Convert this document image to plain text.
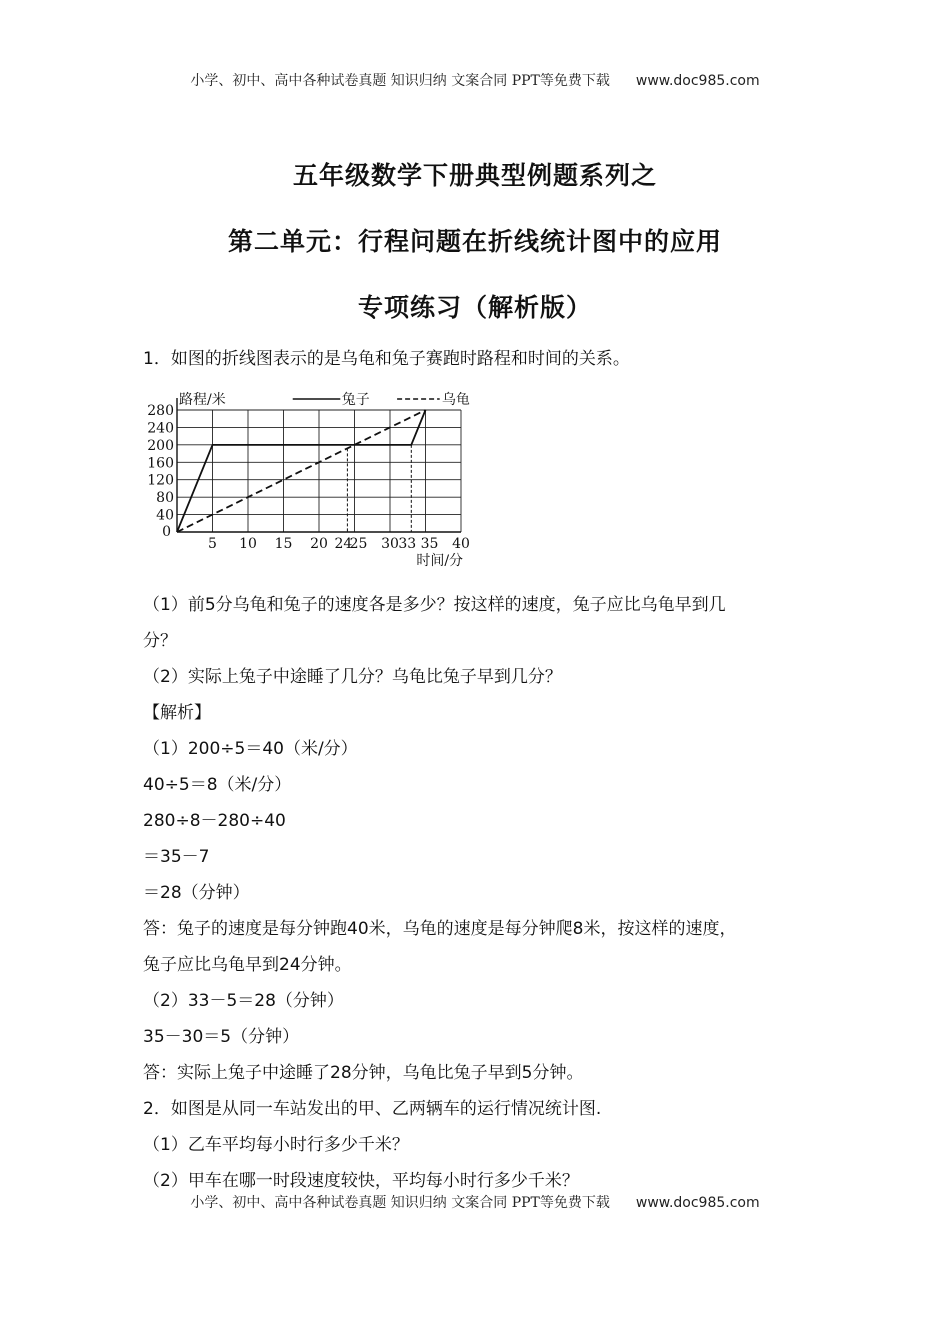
小学、初中、高中各种试卷真题 知识归纳 文案合同 PPT等免费下载 www.doc985.com
五年级数学下册典型例题系列之
第二单元：行程问题在折线统计图中的应用
专项练习（解析版）
1．如图的折线图表示的是乌龟和兔子赛跑时路程和时间的关系。
40
80
120
160
200
240
280
0
5 10 15 20 24
25 30 33 35 40
路程/米
时间/分
兔子	乌龟
（1）前5分乌龟和兔子的速度各是多少？按这样的速度，兔子应比乌龟早到几
分？
（2）实际上兔子中途睡了几分？乌龟比兔子早到几分？
【解析】
（1）200÷5＝40（米/分）
40÷5＝8（米/分）
280÷8－280÷40
＝35－7
＝28（分钟）
答：兔子的速度是每分钟跑40米，乌龟的速度是每分钟爬8米，按这样的速度，
兔子应比乌龟早到24分钟。
（2）33－5＝28（分钟）
35－30＝5（分钟）
答：实际上兔子中途睡了28分钟，乌龟比兔子早到5分钟。
2．如图是从同一车站发出的甲、乙两辆车的运行情况统计图.
（1）乙车平均每小时行多少千米？
（2）甲车在哪一时段速度较快，平均每小时行多少千米？
小学、初中、高中各种试卷真题 知识归纳 文案合同 PPT等免费下载 www.doc985.com
